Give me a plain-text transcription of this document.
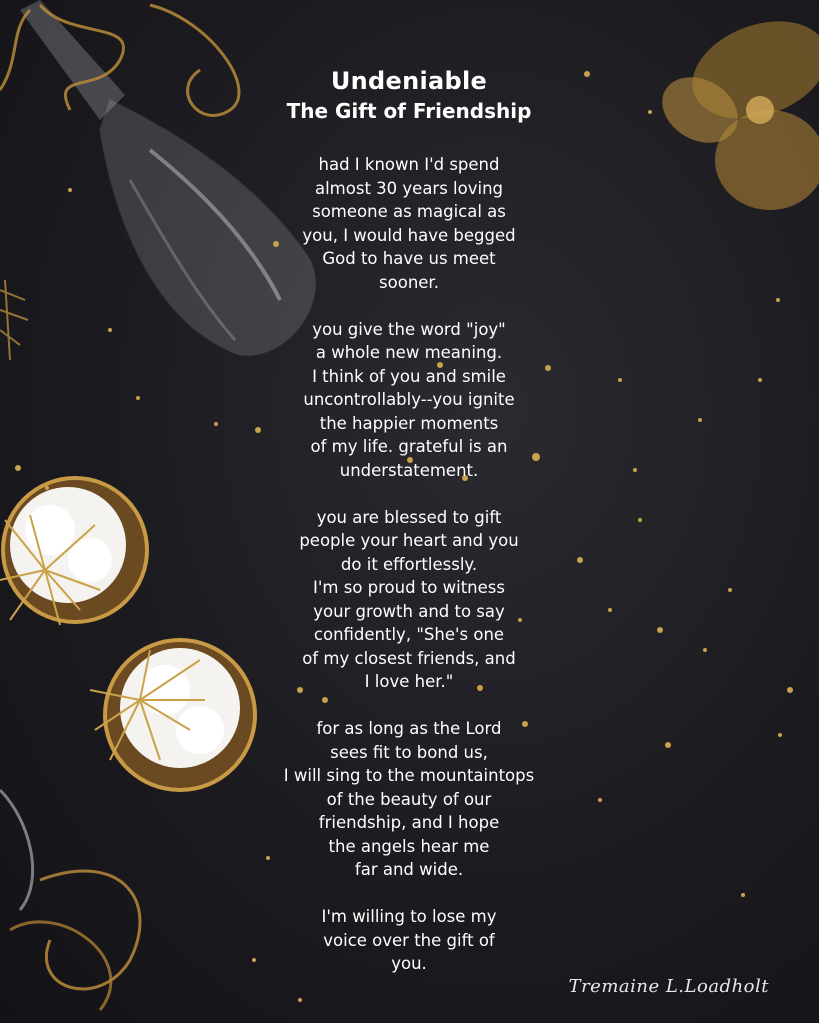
Undeniable
The Gift of Friendship
had I known I'd spend
almost 30 years loving
someone as magical as
you, I would have begged
God to have us meet
sooner.
you give the word "joy"
a whole new meaning.
I think of you and smile
uncontrollably--you ignite
the happier moments
of my life. grateful is an
understatement.
you are blessed to gift
people your heart and you
do it effortlessly.
I'm so proud to witness
your growth and to say
confidently, "She's one
of my closest friends, and
I love her."
for as long as the Lord
sees fit to bond us,
I will sing to the mountaintops
of the beauty of our
friendship, and I hope
the angels hear me
far and wide.
I'm willing to lose my
voice over the gift of
you.
Tremaine L.Loadholt
